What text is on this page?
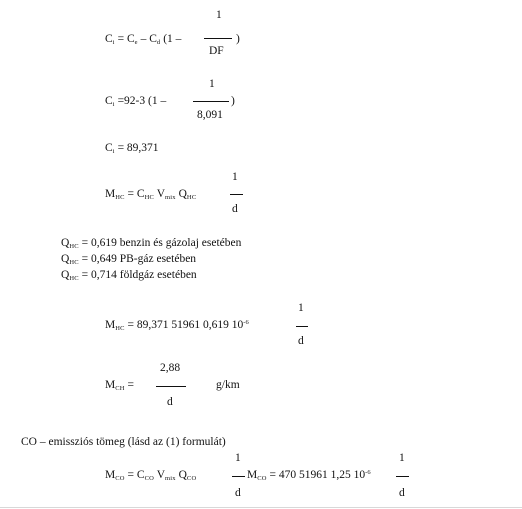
1
$C_i = C_e - C_d$ (1 –	)
DF
1
$C_i =92-3$ (1 –	)
8,091
$C_i = 89,371$
1
$M_{HC} = C_{HC}$ $V_{mix}$ $Q_{HC}$
d
$Q_{HC} = 0,619$ benzin és gázolaj esetében
$Q_{HC} = 0,649$ PB-gáz esetében
$Q_{HC} = 0,714$ földgáz esetében
1
$M_{HC} = 89,371$ 51961 0,619 $10^{-6}$
d
2,88
$M_{CH}$ =	g/km
d
CO – emissziós tömeg (lásd az (1) formulát)
1	1
$M_{CO} = C_{CO}$ $V_{mix}$ $Q_{CO}$	$M_{CO} = 470$ 51961 1,25 $10^{-6}$
d	d
